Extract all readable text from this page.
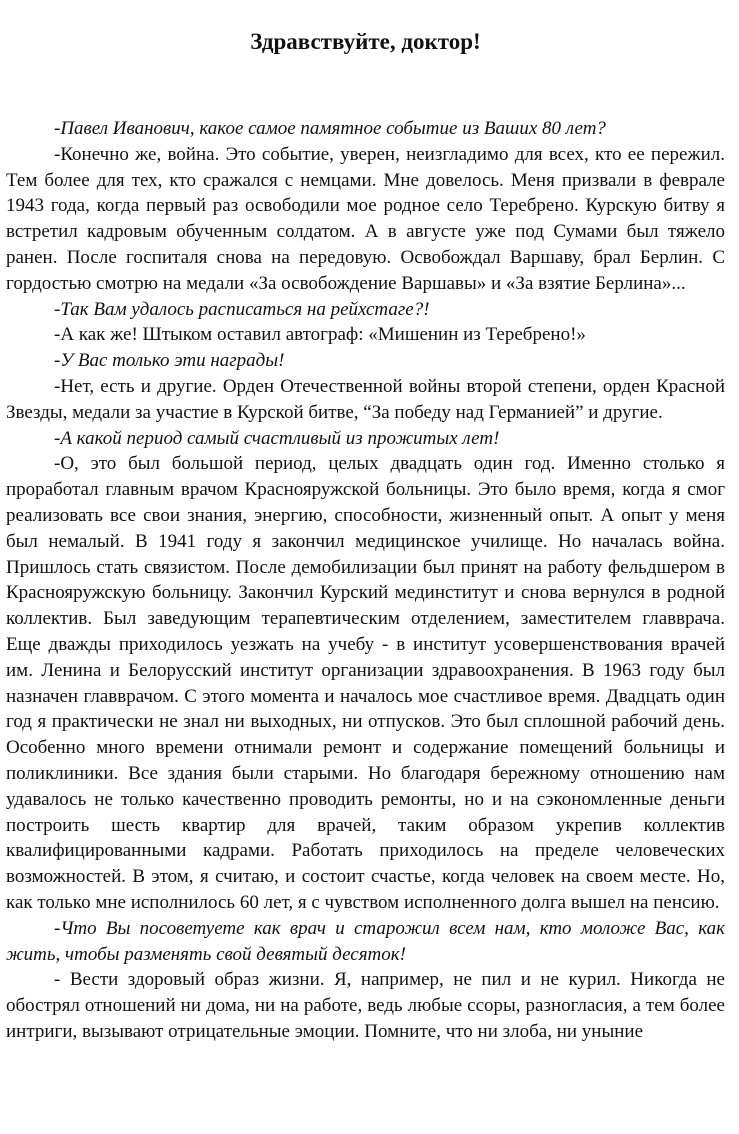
Здравствуйте, доктор!

-Павел Иванович, какое самое памятное событие из Ваших 80 лет?

-Конечно же, война. Это событие, уверен, неизгладимо для всех, кто ее пережил. Тем более для тех, кто сражался с немцами. Мне довелось. Меня призвали в феврале 1943 года, когда первый раз освободили мое родное село Теребрено. Курскую битву я встретил кадровым обученным солдатом. А в августе уже под Сумами был тяжело ранен. После госпиталя снова на передовую. Освобождал Варшаву, брал Берлин. С гордостью смотрю на медали «За освобождение Варшавы» и «За взятие Берлина»...

-Так Вам удалось расписаться на рейхстаге?!

-А как же! Штыком оставил автограф: «Мишенин из Теребрено!»

-У Вас только эти награды!

-Нет, есть и другие. Орден Отечественной войны второй степени, орден Красной Звезды, медали за участие в Курской битве, “За победу над Германией” и другие.

-А какой период самый счастливый из прожитых лет!

-О, это был большой период, целых двадцать один год. Именно столько я проработал главным врачом Краснояружской больницы. Это было время, когда я смог реализовать все свои знания, энергию, способности, жизненный опыт. А опыт у меня был немалый. В 1941 году я закончил медицинское училище. Но началась война. Пришлось стать связистом. После демобилизации был принят на работу фельдшером в Краснояружскую больницу. Закончил Курский мединститут и снова вернулся в родной коллектив. Был заведующим терапевтическим отделением, заместителем главврача. Еще дважды приходилось уезжать на учебу - в институт усовершенствования врачей им. Ленина и Белорусский институт организации здравоохранения. В 1963 году был назначен главврачом. С этого момента и началось мое счастливое время. Двадцать один год я практически не знал ни выходных, ни отпусков. Это был сплошной рабочий день. Особенно много времени отнимали ремонт и содержание помещений больницы и поликлиники. Все здания были старыми. Но благодаря бережному отношению нам удавалось не только качественно проводить ремонты, но и на сэкономленные деньги построить шесть квартир для врачей, таким образом укрепив коллектив квалифицированными кадрами. Работать приходилось на пределе человеческих возможностей. В этом, я считаю, и состоит счастье, когда человек на своем месте. Но, как только мне исполнилось 60 лет, я с чувством исполненного долга вышел на пенсию.

-Что Вы посоветуете как врач и старожил всем нам, кто моложе Вас, как жить, чтобы разменять свой девятый десяток!

- Вести здоровый образ жизни. Я, например, не пил и не курил. Никогда не обострял отношений ни дома, ни на работе, ведь любые ссоры, разногласия, а тем более интриги, вызывают отрицательные эмоции. Помните, что ни злоба, ни уныние
